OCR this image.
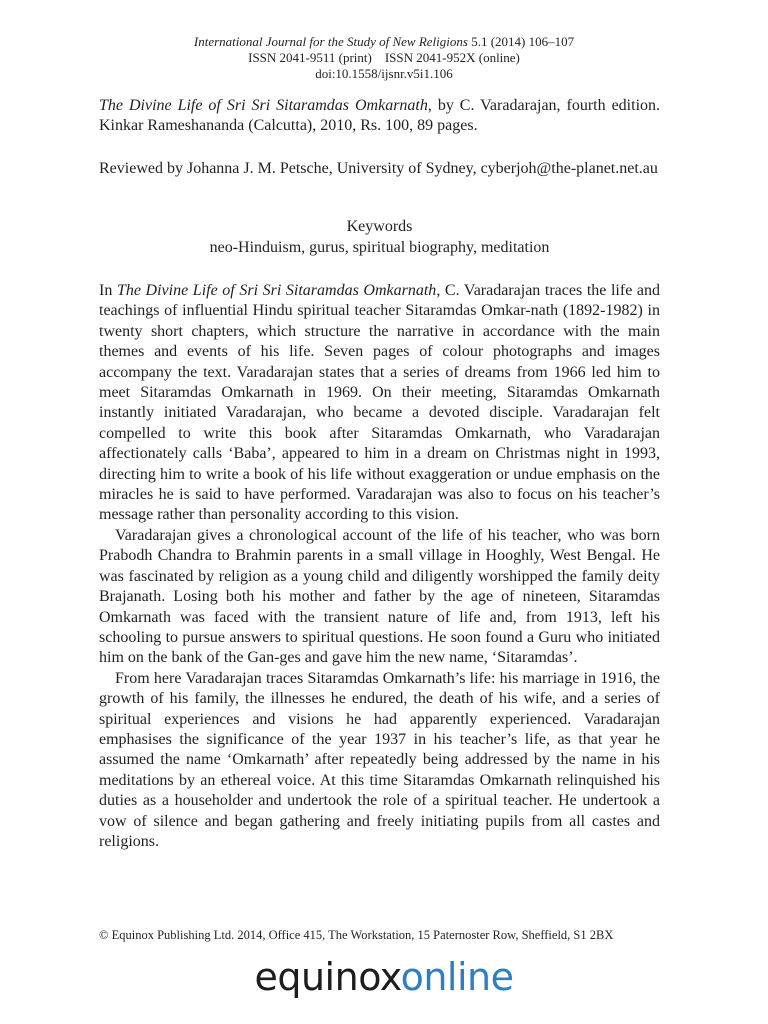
International Journal for the Study of New Religions 5.1 (2014) 106–107
ISSN 2041-9511 (print)    ISSN 2041-952X (online)
doi:10.1558/ijsnr.v5i1.106
The Divine Life of Sri Sri Sitaramdas Omkarnath, by C. Varadarajan, fourth edition. Kinkar Rameshananda (Calcutta), 2010, Rs. 100, 89 pages.
Reviewed by Johanna J. M. Petsche, University of Sydney, cyberjoh@the-planet.net.au
Keywords
neo-Hinduism, gurus, spiritual biography, meditation

In The Divine Life of Sri Sri Sitaramdas Omkarnath, C. Varadarajan traces the life and teachings of influential Hindu spiritual teacher Sitaramdas Omkar-nath (1892-1982) in twenty short chapters, which structure the narrative in accordance with the main themes and events of his life. Seven pages of colour photographs and images accompany the text. Varadarajan states that a series of dreams from 1966 led him to meet Sitaramdas Omkarnath in 1969. On their meeting, Sitaramdas Omkarnath instantly initiated Varadarajan, who became a devoted disciple. Varadarajan felt compelled to write this book after Sitaramdas Omkarnath, who Varadarajan affectionately calls ‘Baba’, appeared to him in a dream on Christmas night in 1993, directing him to write a book of his life without exaggeration or undue emphasis on the miracles he is said to have performed. Varadarajan was also to focus on his teacher’s message rather than personality according to this vision.

Varadarajan gives a chronological account of the life of his teacher, who was born Prabodh Chandra to Brahmin parents in a small village in Hooghly, West Bengal. He was fascinated by religion as a young child and diligently worshipped the family deity Brajanath. Losing both his mother and father by the age of nineteen, Sitaramdas Omkarnath was faced with the transient nature of life and, from 1913, left his schooling to pursue answers to spiritual questions. He soon found a Guru who initiated him on the bank of the Gan-ges and gave him the new name, ‘Sitaramdas’.

From here Varadarajan traces Sitaramdas Omkarnath’s life: his marriage in 1916, the growth of his family, the illnesses he endured, the death of his wife, and a series of spiritual experiences and visions he had apparently experienced. Varadarajan emphasises the significance of the year 1937 in his teacher’s life, as that year he assumed the name ‘Omkarnath’ after repeatedly being addressed by the name in his meditations by an ethereal voice. At this time Sitaramdas Omkarnath relinquished his duties as a householder and undertook the role of a spiritual teacher. He undertook a vow of silence and began gathering and freely initiating pupils from all castes and religions.

© Equinox Publishing Ltd. 2014, Office 415, The Workstation, 15 Paternoster Row, Sheffield, S1 2BX
equinoxonline
